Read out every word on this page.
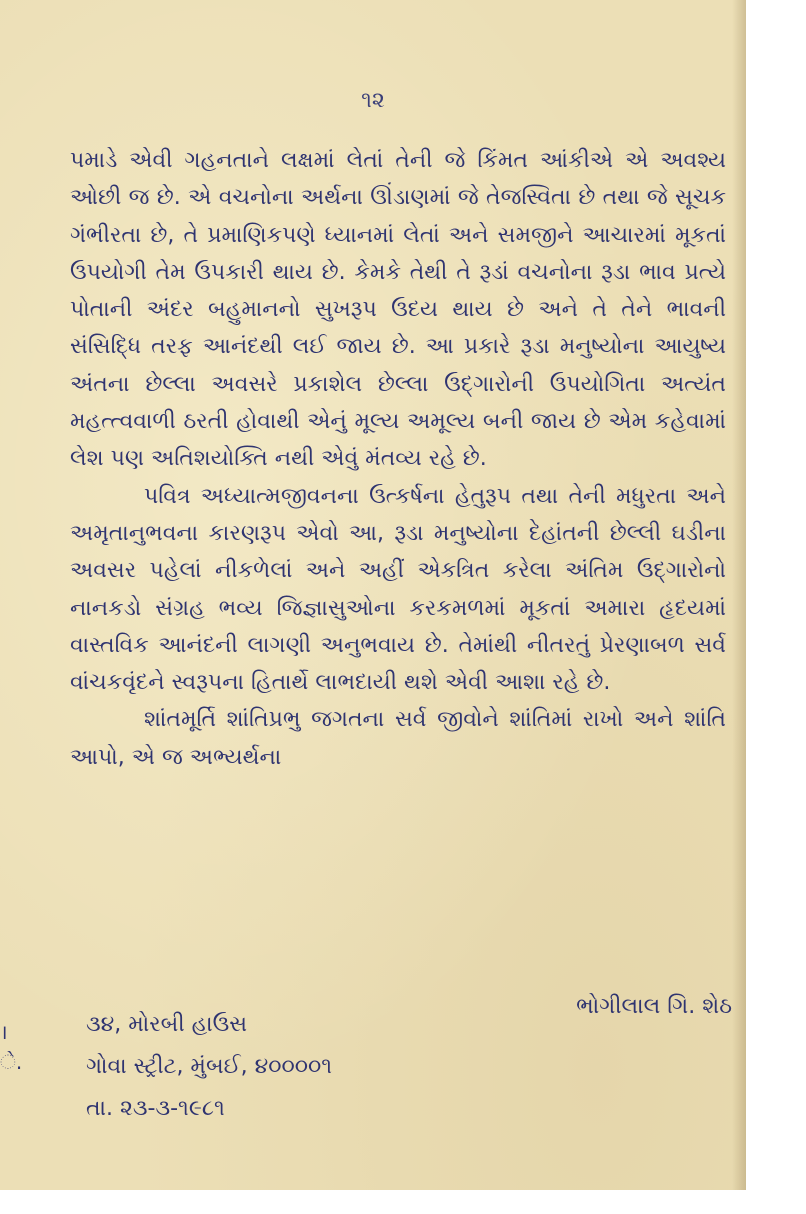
૧૨

પમાડે એવી ગહનતાને લક્ષમાં લેતાં તેની જે કિંમત આંકીએ એ અવશ્ય ઓછી જ છે. એ વચનોના અર્થના ઊંડાણમાં જે તેજસ્વિતા છે તથા જે સૂચક ગંભીરતા છે, તે પ્રમાણિકપણે ધ્યાનમાં લેતાં અને સમજીને આચારમાં મૂકતાં ઉપયોગી તેમ ઉપકારી થાય છે. કેમકે તેથી તે રૂડાં વચનોના રૂડા ભાવ પ્રત્યે પોતાની અંદર બહુમાનનો સુખરૂપ ઉદય થાય છે અને તે તેને ભાવની સંસિદ્ધિ તરફ આનંદથી લઈ જાય છે. આ પ્રકારે રૂડા મનુષ્યોના આયુષ્ય અંતના છેલ્લા અવસરે પ્રકાશેલ છેલ્લા ઉદ્ગારોની ઉપયોગિતા અત્યંત મહત્ત્વવાળી ઠરતી હોવાથી એનું મૂલ્ય અમૂલ્ય બની જાય છે એમ કહેવામાં લેશ પણ અતિશયોક્તિ નથી એવું મંતવ્ય રહે છે.

પવિત્ર અધ્યાત્મજીવનના ઉત્કર્ષના હેતુરૂપ તથા તેની મધુરતા અને અમૃતાનુભવના કારણરૂપ એવો આ, રૂડા મનુષ્યોના દેહાંતની છેલ્લી ઘડીના અવસર પહેલાં નીકળેલાં અને અહીં એકત્રિત કરેલા અંતિમ ઉદ્ગારોનો નાનકડો સંગ્રહ ભવ્ય જિજ્ઞાસુઓના કરકમળમાં મૂકતાં અમારા હૃદયમાં વાસ્તવિક આનંદની લાગણી અનુભવાય છે. તેમાંથી નીતરતું પ્રેરણાબળ સર્વ વાંચકવૃંદને સ્વરૂપના હિતાર્થે લાભદાયી થશે એવી આશા રહે છે.

શાંતમૂર્તિ શાંતિપ્રભુ જગતના સર્વ જીવોને શાંતિમાં રાખો અને શાંતિ આપો, એ જ અભ્યર્થના

ભોગીલાલ ગિ. શેઠ
૩૪, મોરબી હાઉસ
ગોવા સ્ટ્રીટ, મુંબઈ, ૪૦૦૦૦૧
તા. ૨૩-૩-૧૯૮૧
।
ે.
